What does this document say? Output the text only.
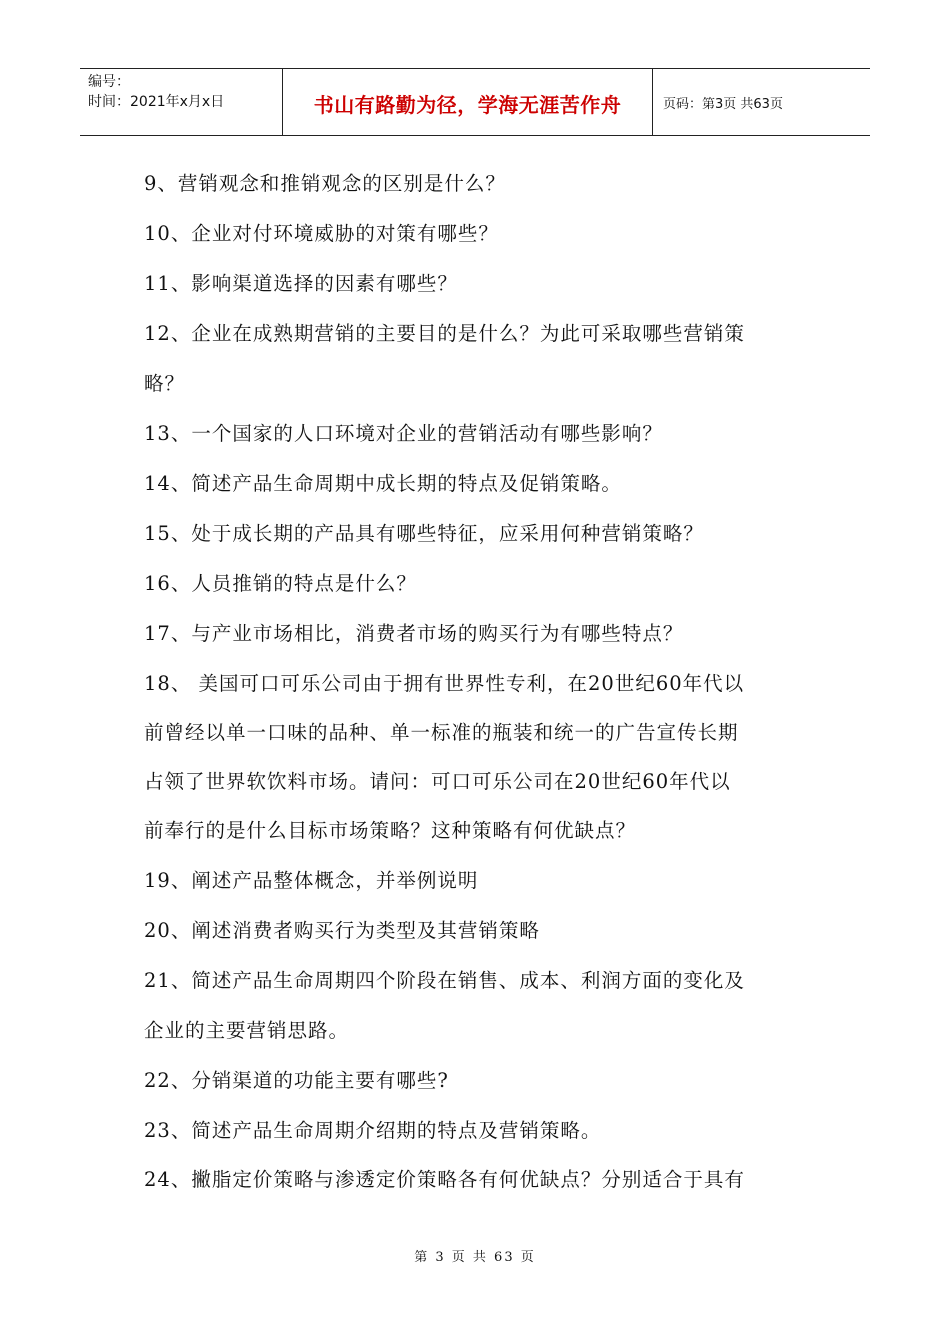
编号：
时间：2021年x月x日	书山有路勤为径，学海无涯苦作舟	页码：第3页 共63页
9、营销观念和推销观念的区别是什么？
10、企业对付环境威胁的对策有哪些？
11、影响渠道选择的因素有哪些？
12、企业在成熟期营销的主要目的是什么？为此可采取哪些营销策
略？
13、一个国家的人口环境对企业的营销活动有哪些影响？
14、简述产品生命周期中成长期的特点及促销策略。
15、处于成长期的产品具有哪些特征，应采用何种营销策略？
16、人员推销的特点是什么？
17、与产业市场相比，消费者市场的购买行为有哪些特点？
18、 美国可口可乐公司由于拥有世界性专利，在20世纪60年代以
前曾经以单一口味的品种、单一标准的瓶装和统一的广告宣传长期
占领了世界软饮料市场。请问：可口可乐公司在20世纪60年代以
前奉行的是什么目标市场策略？这种策略有何优缺点？
19、阐述产品整体概念，并举例说明
20、阐述消费者购买行为类型及其营销策略
21、简述产品生命周期四个阶段在销售、成本、利润方面的变化及
企业的主要营销思路。
22、分销渠道的功能主要有哪些?
23、简述产品生命周期介绍期的特点及营销策略。
24、撇脂定价策略与渗透定价策略各有何优缺点？分别适合于具有
第 3 页 共 63 页
